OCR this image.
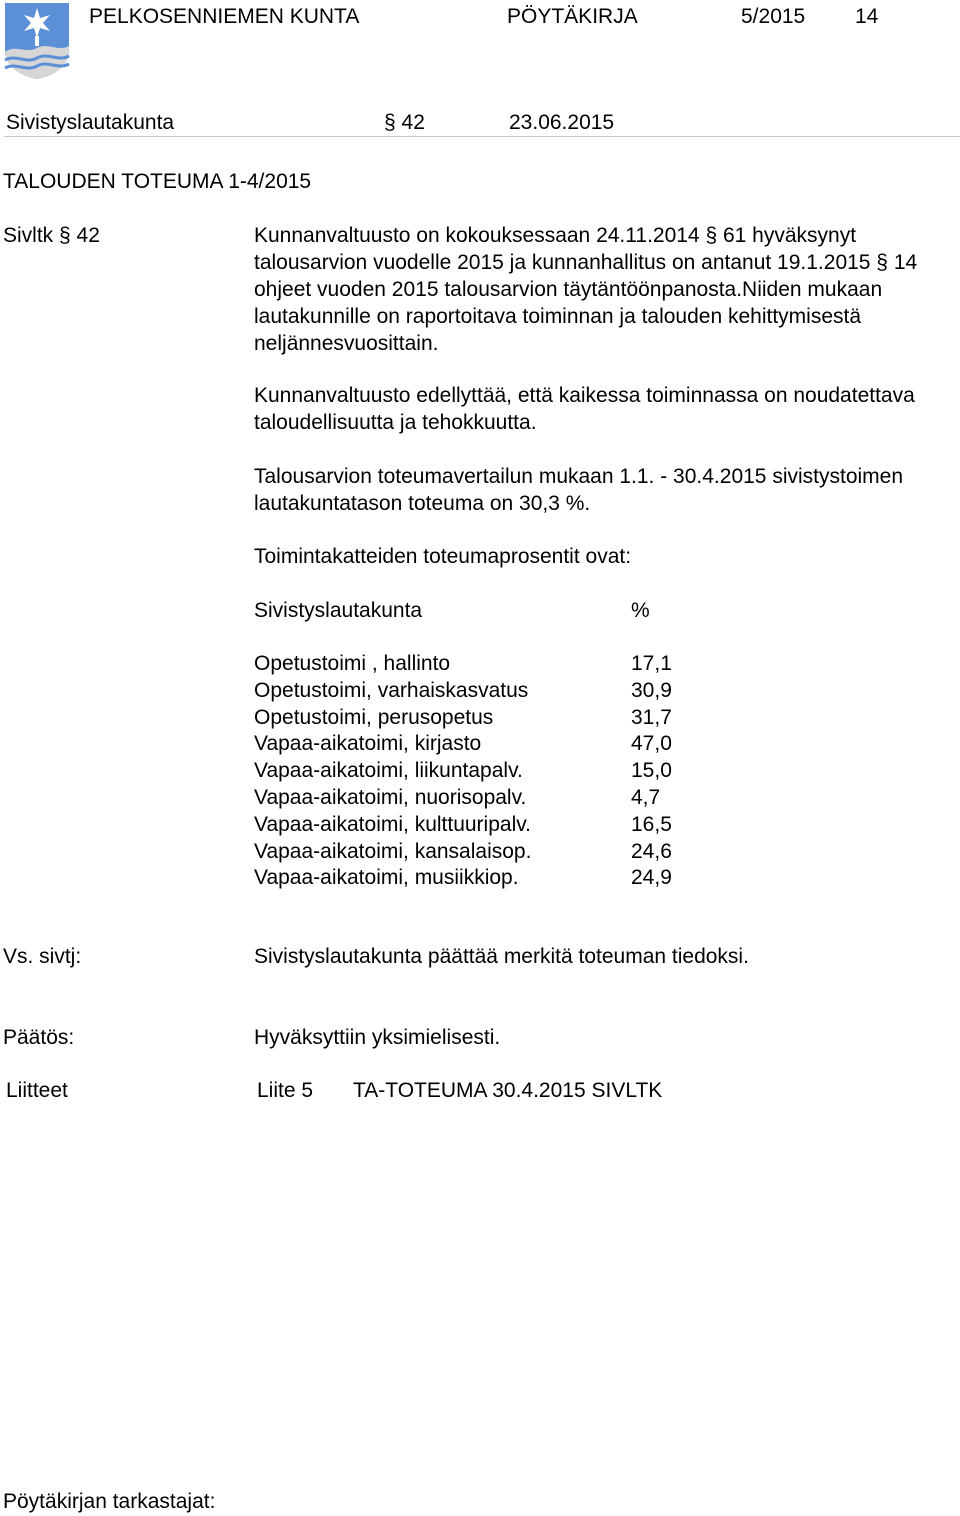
PELKOSENNIEMEN KUNTA	PÖYTÄKIRJA	5/2015 14
Sivistyslautakunta	§ 42	23.06.2015
TALOUDEN TOTEUMA 1-4/2015
Sivltk § 42	Kunnanvaltuusto on kokouksessaan 24.11.2014 § 61 hyväksynyt talousarvion vuodelle 2015 ja kunnanhallitus on antanut 19.1.2015 § 14 ohjeet vuoden 2015 talousarvion täytäntöönpanosta.Niiden mukaan lautakunnille on raportoitava toiminnan ja talouden kehittymisestä neljännesvuosittain.

Kunnanvaltuusto edellyttää, että kaikessa toiminnassa on noudatettava taloudellisuutta ja tehokkuutta.

Talousarvion toteumavertailun mukaan 1.1. - 30.4.2015 sivistystoimen lautakuntatason toteuma on 30,3 %.

Toimintakatteiden toteumaprosentit ovat:

Sivistyslautakunta	%
Opetustoimi , hallinto	17,1
Opetustoimi, varhaiskasvatus	30,9
Opetustoimi, perusopetus	31,7
Vapaa-aikatoimi, kirjasto	47,0
Vapaa-aikatoimi, liikuntapalv.	15,0
Vapaa-aikatoimi, nuorisopalv.	4,7
Vapaa-aikatoimi, kulttuuripalv.	16,5
Vapaa-aikatoimi, kansalaisop.	24,6
Vapaa-aikatoimi, musiikkiop.	24,9
Vs. sivtj:	Sivistyslautakunta päättää merkitä toteuman tiedoksi.
Päätös:	Hyväksyttiin yksimielisesti.
Liitteet	Liite 5 TA-TOTEUMA 30.4.2015 SIVLTK
Pöytäkirjan tarkastajat:
